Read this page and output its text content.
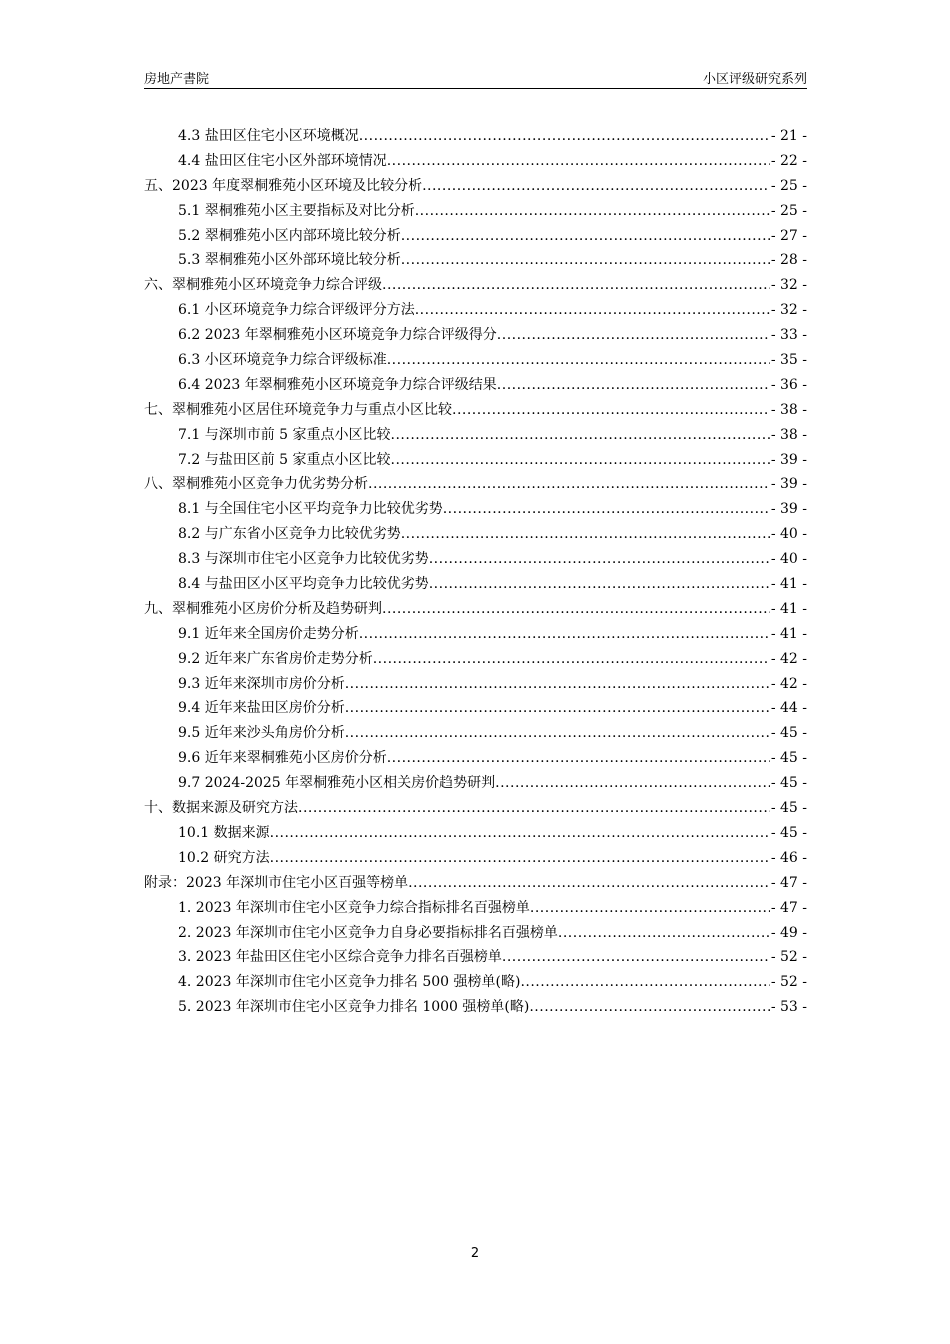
房地产書院	小区评级研究系列
4.3 盐田区住宅小区环境概况 .....	- 21 -
4.4 盐田区住宅小区外部环境情况 .....	- 22 -
五、2023 年度翠桐雅苑小区环境及比较分析 .....	- 25 -
5.1 翠桐雅苑小区主要指标及对比分析 .....	- 25 -
5.2 翠桐雅苑小区内部环境比较分析 .....	- 27 -
5.3 翠桐雅苑小区外部环境比较分析 .....	- 28 -
六、翠桐雅苑小区环境竞争力综合评级 .....	- 32 -
6.1 小区环境竞争力综合评级评分方法 .....	- 32 -
6.2 2023 年翠桐雅苑小区环境竞争力综合评级得分 .....	- 33 -
6.3 小区环境竞争力综合评级标准 .....	- 35 -
6.4 2023 年翠桐雅苑小区环境竞争力综合评级结果 .....	- 36 -
七、翠桐雅苑小区居住环境竞争力与重点小区比较 .....	- 38 -
7.1 与深圳市前 5 家重点小区比较 .....	- 38 -
7.2 与盐田区前 5 家重点小区比较 .....	- 39 -
八、翠桐雅苑小区竞争力优劣势分析 .....	- 39 -
8.1 与全国住宅小区平均竞争力比较优劣势 .....	- 39 -
8.2 与广东省小区竞争力比较优劣势 .....	- 40 -
8.3 与深圳市住宅小区竞争力比较优劣势 .....	- 40 -
8.4 与盐田区小区平均竞争力比较优劣势 .....	- 41 -
九、翠桐雅苑小区房价分析及趋势研判 .....	- 41 -
9.1 近年来全国房价走势分析 .....	- 41 -
9.2 近年来广东省房价走势分析 .....	- 42 -
9.3 近年来深圳市房价分析 .....	- 42 -
9.4 近年来盐田区房价分析 .....	- 44 -
9.5 近年来沙头角房价分析 .....	- 45 -
9.6 近年来翠桐雅苑小区房价分析 .....	- 45 -
9.7 2024-2025 年翠桐雅苑小区相关房价趋势研判 .....	- 45 -
十、数据来源及研究方法 .....	- 45 -
10.1 数据来源 .....	- 45 -
10.2 研究方法 .....	- 46 -
附录：2023 年深圳市住宅小区百强等榜单 .....	- 47 -
1. 2023 年深圳市住宅小区竞争力综合指标排名百强榜单 .....	- 47 -
2. 2023 年深圳市住宅小区竞争力自身必要指标排名百强榜单 .....	- 49 -
3. 2023 年盐田区住宅小区综合竞争力排名百强榜单 .....	- 52 -
4. 2023 年深圳市住宅小区竞争力排名 500 强榜单(略) .....	- 52 -
5. 2023 年深圳市住宅小区竞争力排名 1000 强榜单(略) .....	- 53 -
2
